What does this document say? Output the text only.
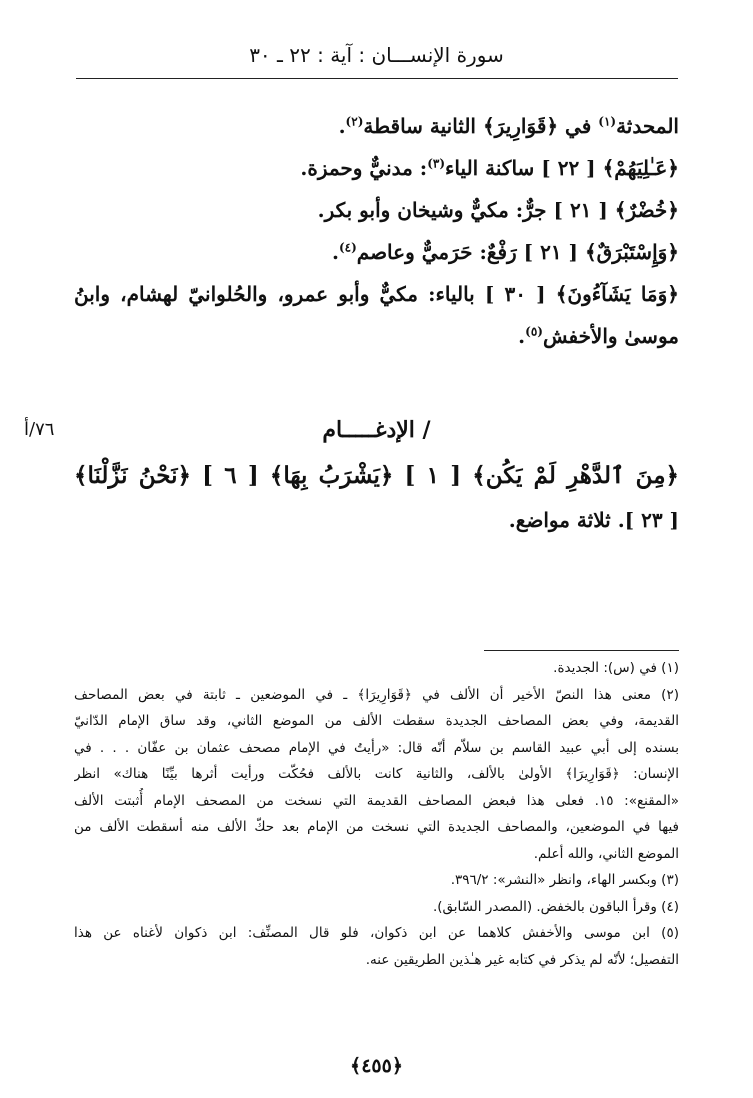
سورة الإنســـان : آية : ٢٢ ـ ٣٠
المحدثة$^{(١)}$ في ﴿قَوَارِيرَ﴾ الثانية ساقطة$^{(٢)}$.
﴿عَـٰلِيَهُمْ﴾ [ ٢٢ ] ساكنة الياء$^{(٣)}$: مدنيٌّ وحمزة.
﴿خُضْرٌ﴾ [ ٢١ ] جرٌّ: مكيٌّ وشيخان وأبو بكر.
﴿وَإِسْتَبْرَقٌ﴾ [ ٢١ ] رَفْعٌ: حَرَميٌّ وعاصم$^{(٤)}$.
﴿وَمَا يَشَآءُونَ﴾ [ ٣٠ ] بالياء: مكيٌّ وأبو عمرو، والحُلوانيّ لهشام، وابنُ
موسىٰ والأخفش$^{(٥)}$.
/ الإدغـــــام
٧٦/أ
﴿مِنَ ٱلدَّهْرِ لَمْ يَكُن﴾ [ ١ ] ﴿يَشْرَبُ بِهَا﴾ [ ٦ ] ﴿نَحْنُ نَزَّلْنَا﴾
[ ٢٣ ]. ثلاثة مواضع.
(١) في (س): الجديدة.
(٢) معنى هذا النصّ الأخير أن الألف في ﴿قَوَارِيرَا﴾ ـ في الموضعين ـ ثابتة في بعض المصاحف
القديمة، وفي بعض المصاحف الجديدة سقطت الألف من الموضع الثاني، وقد ساق الإمام الدّانيّ
بسنده إلى أبي عبيد القاسم بن سلاّم أنّه قال: «رأيتُ في الإمام مصحف عثمان بن عفّان . . . في
الإنسان: ﴿قَوَارِيرَا﴾ الأولىٰ بالألف، والثانية كانت بالألف فحُكّت ورأيت أثرها بيِّنًا هناك» انظر
«المقنع»: ١٥. فعلى هذا فبعض المصاحف القديمة التي نسخت من المصحف الإمام أُثبتت الألف
فيها في الموضعين، والمصاحف الجديدة التي نسخت من الإمام بعد حكّ الألف منه أسقطت الألف من
الموضع الثاني، والله أعلم.
(٣) وبكسر الهاء، وانظر «النشر»: ٣٩٦/٢.
(٤) وقرأ الباقون بالخفض. (المصدر السّابق).
(٥) ابن موسى والأخفش كلاهما عن ابن ذكوان، فلو قال المصنِّف: ابن ذكوان لأغناه عن هذا
التفصيل؛ لأنّه لم يذكر في كتابه غير هـٰذين الطريقين عنه.
﴿٤٥٥﴾
